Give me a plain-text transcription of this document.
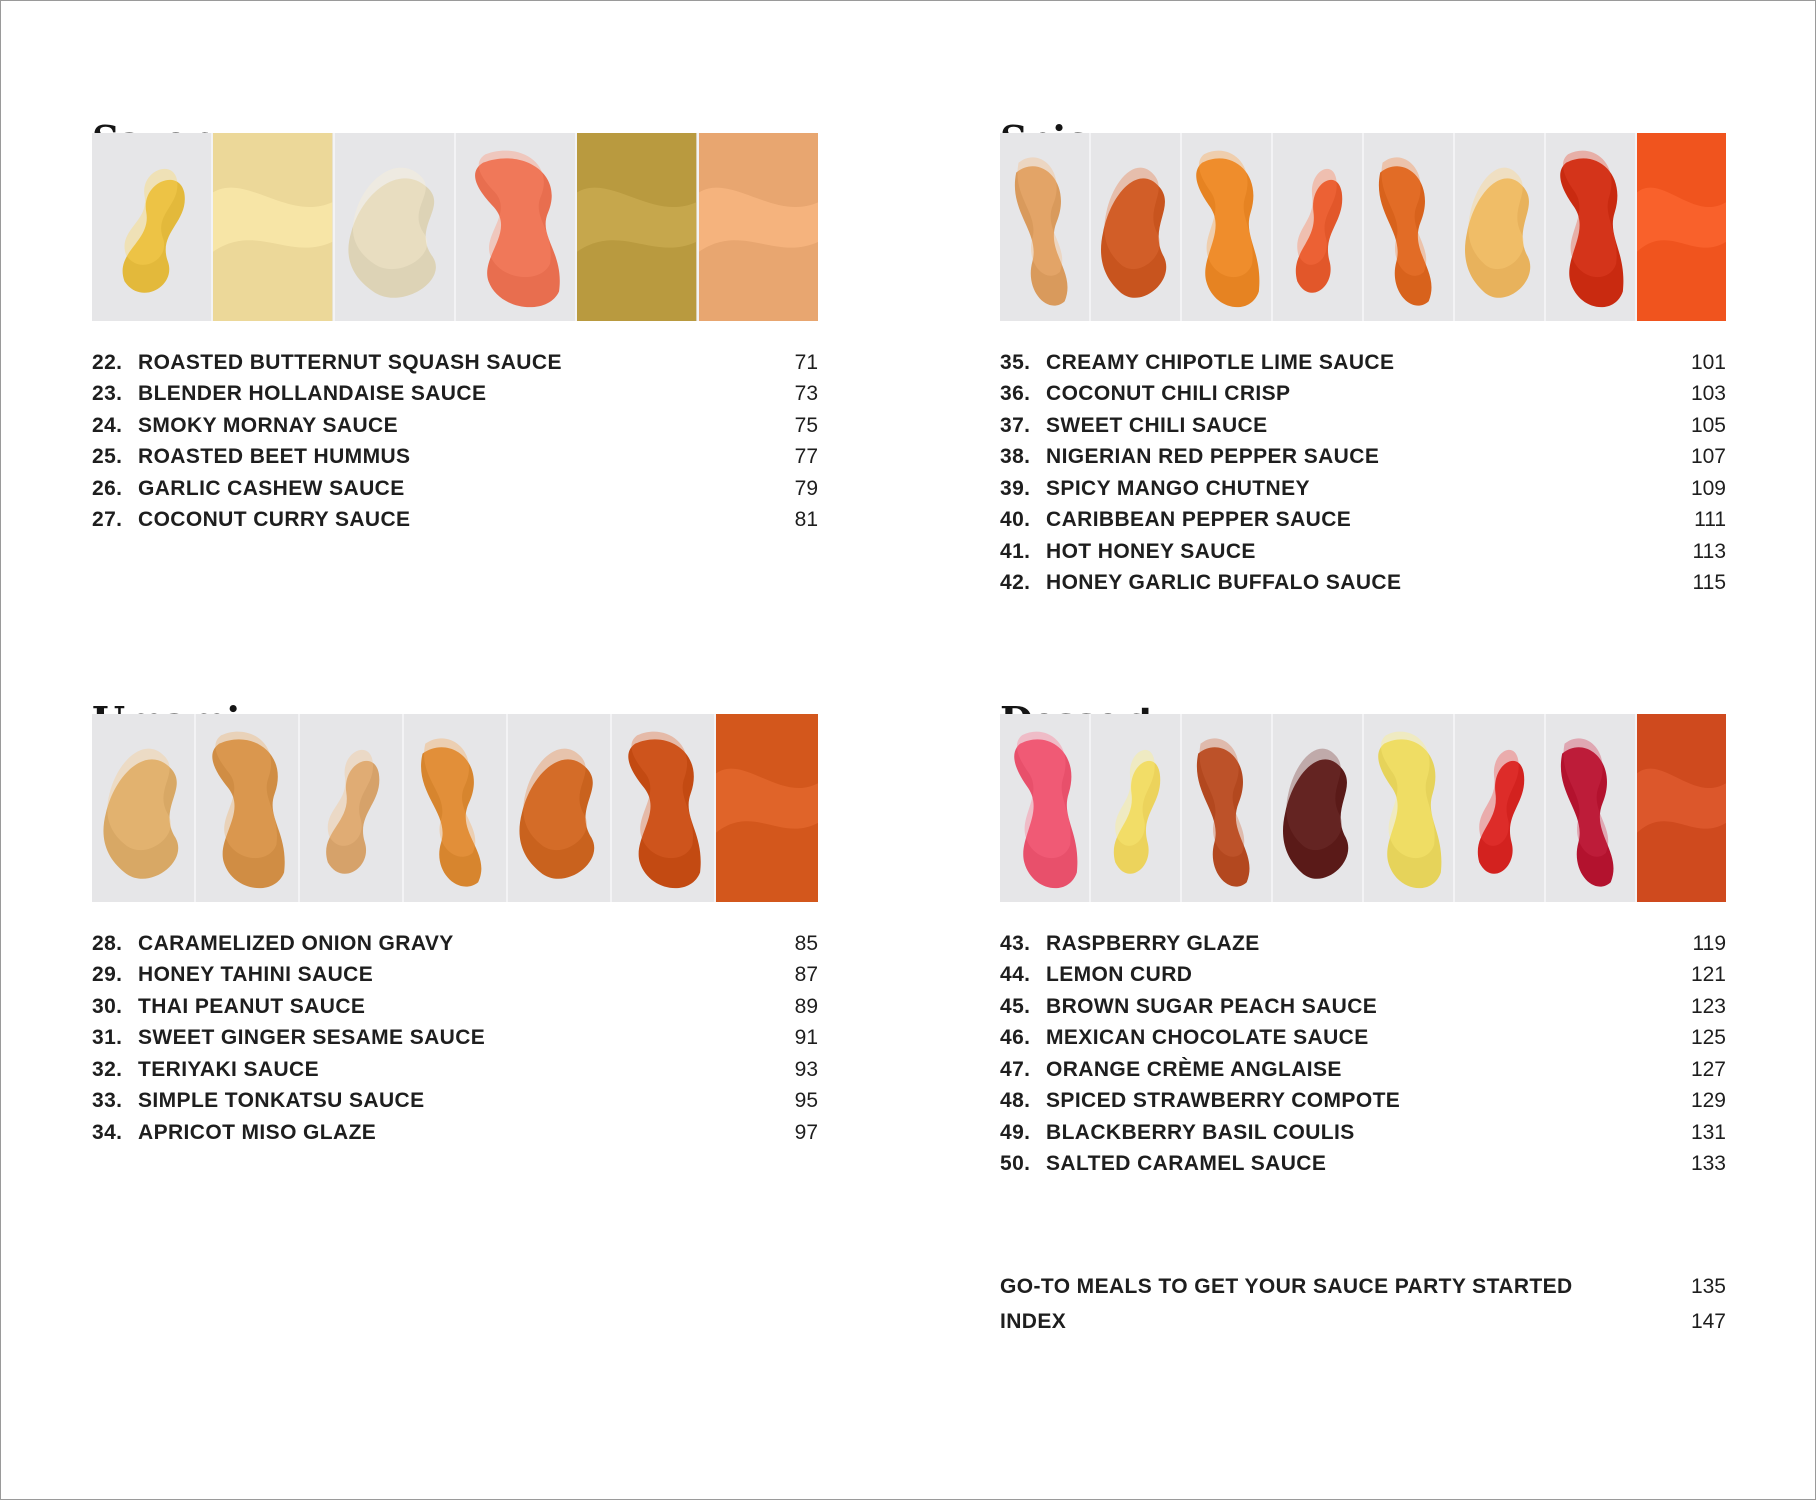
22. ROASTED BUTTERNUT SQUASH SAUCE	71
23. BLENDER HOLLANDAISE SAUCE	73
24. SMOKY MORNAY SAUCE	75
25. ROASTED BEET HUMMUS	77
26. GARLIC CASHEW SAUCE	79
27. COCONUT CURRY SAUCE	81
35. CREAMY CHIPOTLE LIME SAUCE	101
36. COCONUT CHILI CRISP	103
37. SWEET CHILI SAUCE	105
38. NIGERIAN RED PEPPER SAUCE	107
39. SPICY MANGO CHUTNEY	109
40. CARIBBEAN PEPPER SAUCE	111
41. HOT HONEY SAUCE	113
42. HONEY GARLIC BUFFALO SAUCE	115
28. CARAMELIZED ONION GRAVY	85
29. HONEY TAHINI SAUCE	87
30. THAI PEANUT SAUCE	89
31. SWEET GINGER SESAME SAUCE	91
32. TERIYAKI SAUCE	93
33. SIMPLE TONKATSU SAUCE	95
34. APRICOT MISO GLAZE	97
43. RASPBERRY GLAZE	119
44. LEMON CURD	121
45. BROWN SUGAR PEACH SAUCE	123
46. MEXICAN CHOCOLATE SAUCE	125
47. ORANGE CRÈME ANGLAISE	127
48. SPICED STRAWBERRY COMPOTE	129
49. BLACKBERRY BASIL COULIS	131
50. SALTED CARAMEL SAUCE	133
GO-TO MEALS TO GET YOUR SAUCE PARTY STARTED	135
INDEX	147
